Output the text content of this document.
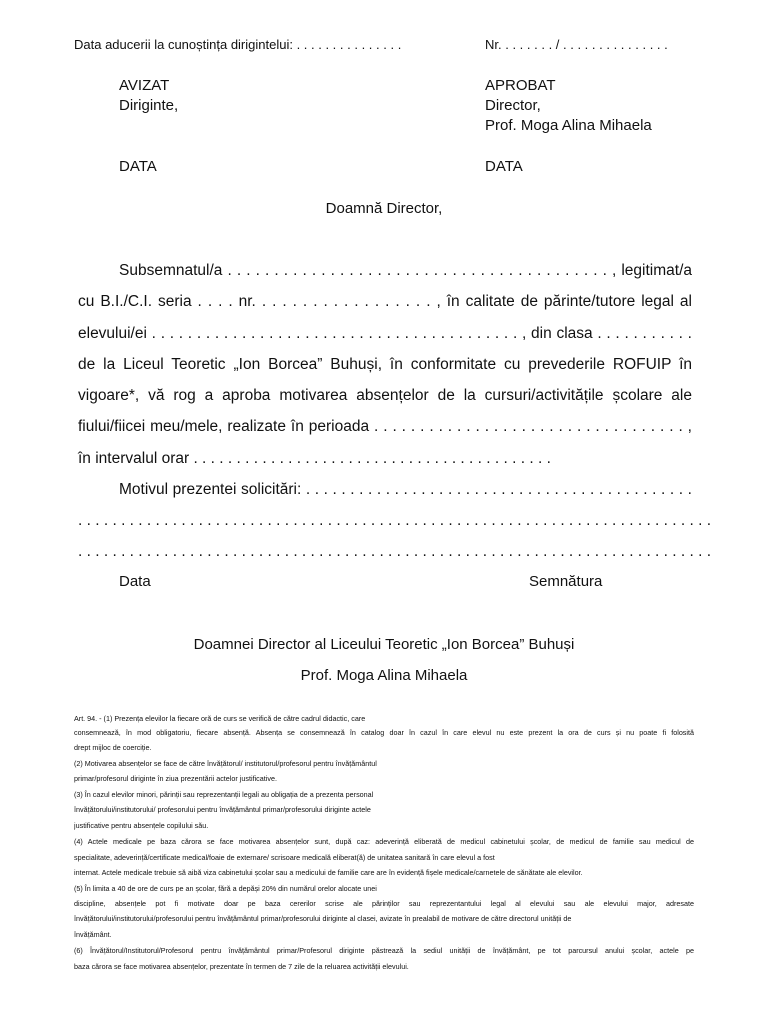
Data aducerii la cunoștința dirigintelui: . . . . . . . . . . . . . . .	Nr. . . . . . . . / . . . . . . . . . . . . . . .
AVIZAT
Diriginte,
DATA
APROBAT
Director,
Prof. Moga Alina Mihaela
DATA
Doamnă Director,
Subsemnatul/a . . . . . . . . . . . . . . . . . . . . . . . . . . . . . . . . . . . . . . . . . , legitimat/a
cu B.I./C.I. seria . . . . nr. . . . . . . . . . . . . . . . . . , în calitate de părinte/tutore legal al
elevului/ei . . . . . . . . . . . . . . . . . . . . . . . . . . . . . . . . . . . . . . . . . , din clasa . . . . . . . . . . .
de la Liceul Teoretic „Ion Borcea” Buhuși, în conformitate cu prevederile ROFUIP în
vigoare*, vă rog a aproba motivarea absențelor de la cursuri/activitățile școlare ale
fiului/fiicei meu/mele, realizate în perioada . . . . . . . . . . . . . . . . . . . . . . . . . . . . . . . . . . ,
în intervalul orar . . . . . . . . . . . . . . . . . . . . . . . . . . . . . . . . . . . . . . . . . .
Motivul prezentei solicitări: . . . . . . . . . . . . . . . . . . . . . . . . . . . . . . . . . . . . . . . . . . . .
. . . . . . . . . . . . . . . . . . . . . . . . . . . . . . . . . . . . . . . . . . . . . . . . . . . . . . . . . . . . . . . . . . . . . . . . . .
. . . . . . . . . . . . . . . . . . . . . . . . . . . . . . . . . . . . . . . . . . . . . . . . . . . . . . . . . . . . . . . . . . . . . . . . . .
Data	Semnătura
Doamnei Director al Liceului Teoretic „Ion Borcea” Buhuși
Prof. Moga Alina Mihaela
Art. 94. - (1) Prezența elevilor la fiecare oră de curs se verifică de către cadrul didactic, care
consemnează, în mod obligatoriu, fiecare absență. Absența se consemnează în catalog doar în cazul în care elevul nu este prezent la ora de curs și nu poate fi folosită
drept mijloc de coerciție.
(2) Motivarea absențelor se face de către învățătorul/ institutorul/profesorul pentru învățământul
primar/profesorul diriginte în ziua prezentării actelor justificative.
(3) În cazul elevilor minori, părinții sau reprezentanții legali au obligația de a prezenta personal
învățătorului/institutorului/ profesorului pentru învățământul primar/profesorului diriginte actele
justificative pentru absențele copilului său.
(4) Actele medicale pe baza cărora se face motivarea absențelor sunt, după caz: adeverință eliberată de medicul cabinetului școlar, de medicul de familie sau medicul de
specialitate, adeverință/certificate medical/foaie de externare/ scrisoare medicală eliberat(ă) de unitatea sanitară în care elevul a fost
internat. Actele medicale trebuie să aibă viza cabinetului școlar sau a medicului de familie care are în evidență fișele medicale/carnetele de sănătate ale elevilor.
(5) În limita a 40 de ore de curs pe an școlar, fără a depăși 20% din numărul orelor alocate unei
discipline, absențele pot fi motivate doar pe baza cererilor scrise ale părinților sau reprezentantului legal al elevului sau ale elevului major, adresate
învățătorului/institutorului/profesorului pentru învățământul primar/profesorului diriginte al clasei, avizate în prealabil de motivare de către directorul unității de
învățământ.
(6) Învățătorul/Institutorul/Profesorul pentru învățământul primar/Profesorul diriginte păstrează la sediul unității de învățământ, pe tot parcursul anului școlar, actele pe
baza cărora se face motivarea absențelor, prezentate în termen de 7 zile de la reluarea activității elevului.
